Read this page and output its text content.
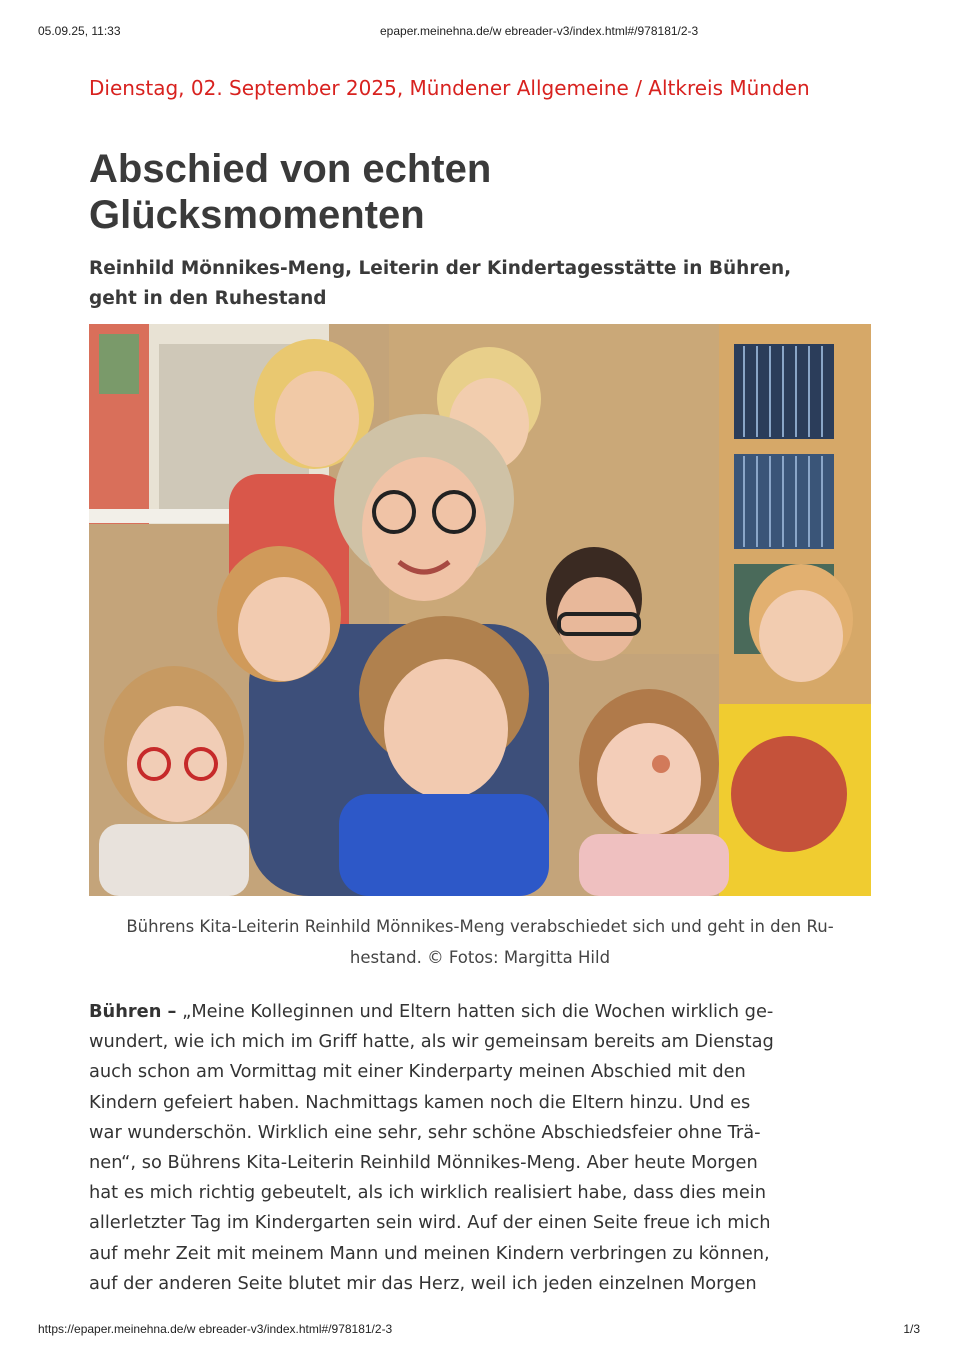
05.09.25, 11:33	epaper.meinehna.de/w ebreader-v3/index.html#/978181/2-3
Dienstag, 02. September 2025, Mündener Allgemeine / Altkreis Münden
Abschied von echten
Glücksmomenten
Reinhild Mönnikes-Meng, Leiterin der Kindertagesstätte in Bühren,
geht in den Ruhestand

Bührens Kita-Leiterin Reinhild Mönnikes-Meng verabschiedet sich und geht in den Ru-
hestand. © Fotos: Margitta Hild

Bühren – „Meine Kolleginnen und Eltern hatten sich die Wochen wirklich ge-
wundert, wie ich mich im Griff hatte, als wir gemeinsam bereits am Dienstag
auch schon am Vormittag mit einer Kinderparty meinen Abschied mit den
Kindern gefeiert haben. Nachmittags kamen noch die Eltern hinzu. Und es
war wunderschön. Wirklich eine sehr, sehr schöne Abschiedsfeier ohne Trä-
nen“, so Bührens Kita-Leiterin Reinhild Mönnikes-Meng. Aber heute Morgen
hat es mich richtig gebeutelt, als ich wirklich realisiert habe, dass dies mein
allerletzter Tag im Kindergarten sein wird. Auf der einen Seite freue ich mich
auf mehr Zeit mit meinem Mann und meinen Kindern verbringen zu können,
auf der anderen Seite blutet mir das Herz, weil ich jeden einzelnen Morgen

https://epaper.meinehna.de/w ebreader-v3/index.html#/978181/2-3	1/3
